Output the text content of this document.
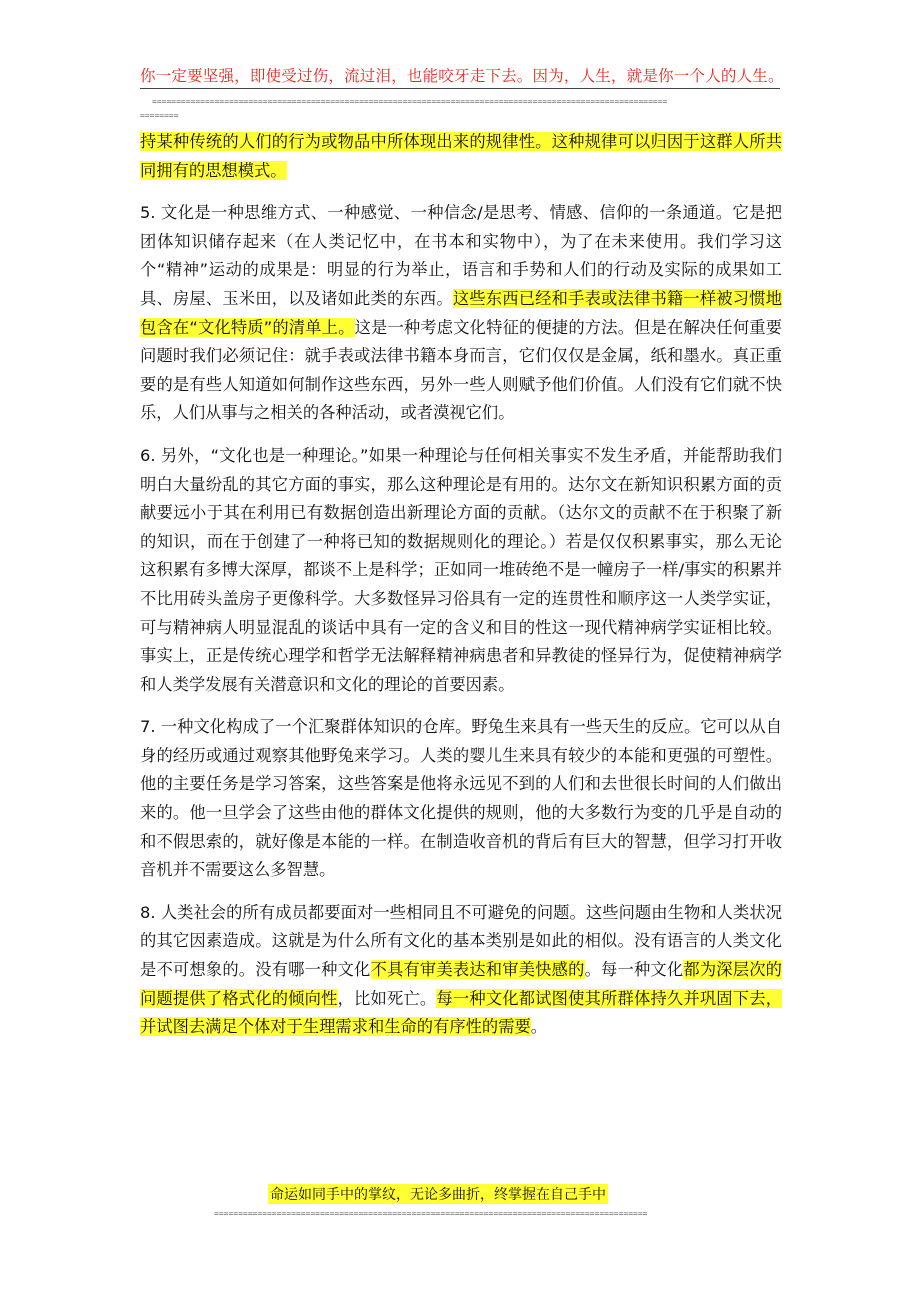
你一定要坚强，即使受过伤，流过泪，也能咬牙走下去。因为，人生，就是你一个人的人生。
===========================================================================================================
========

持某种传统的人们的行为或物品中所体现出来的规律性。这种规律可以归因于这群人所共同拥有的思想模式。

5. 文化是一种思维方式、一种感觉、一种信念/是思考、情感、信仰的一条通道。它是把团体知识储存起来（在人类记忆中，在书本和实物中），为了在未来使用。我们学习这个“精神”运动的成果是：明显的行为举止，语言和手势和人们的行动及实际的成果如工具、房屋、玉米田，以及诸如此类的东西。这些东西已经和手表或法律书籍一样被习惯地包含在“文化特质”的清单上。这是一种考虑文化特征的便捷的方法。但是在解决任何重要问题时我们必须记住：就手表或法律书籍本身而言，它们仅仅是金属，纸和墨水。真正重要的是有些人知道如何制作这些东西，另外一些人则赋予他们价值。人们没有它们就不快乐，人们从事与之相关的各种活动，或者漠视它们。

6. 另外，“文化也是一种理论。”如果一种理论与任何相关事实不发生矛盾，并能帮助我们明白大量纷乱的其它方面的事实，那么这种理论是有用的。达尔文在新知识积累方面的贡献要远小于其在利用已有数据创造出新理论方面的贡献。（达尔文的贡献不在于积聚了新的知识，而在于创建了一种将已知的数据规则化的理论。）若是仅仅积累事实，那么无论这积累有多博大深厚，都谈不上是科学；正如同一堆砖绝不是一幢房子一样/事实的积累并不比用砖头盖房子更像科学。大多数怪异习俗具有一定的连贯性和顺序这一人类学实证，可与精神病人明显混乱的谈话中具有一定的含义和目的性这一现代精神病学实证相比较。事实上，正是传统心理学和哲学无法解释精神病患者和异教徒的怪异行为，促使精神病学和人类学发展有关潜意识和文化的理论的首要因素。

7. 一种文化构成了一个汇聚群体知识的仓库。野兔生来具有一些天生的反应。它可以从自身的经历或通过观察其他野兔来学习。人类的婴儿生来具有较少的本能和更强的可塑性。 他的主要任务是学习答案，这些答案是他将永远见不到的人们和去世很长时间的人们做出来的。他一旦学会了这些由他的群体文化提供的规则，他的大多数行为变的几乎是自动的和不假思索的，就好像是本能的一样。在制造收音机的背后有巨大的智慧，但学习打开收音机并不需要这么多智慧。

8. 人类社会的所有成员都要面对一些相同且不可避免的问题。这些问题由生物和人类状况的其它因素造成。这就是为什么所有文化的基本类别是如此的相似。没有语言的人类文化是不可想象的。没有哪一种文化不具有审美表达和审美快感的。每一种文化都为深层次的问题提供了格式化的倾向性，比如死亡。每一种文化都试图使其所群体持久并巩固下去，并试图去满足个体对于生理需求和生命的有序性的需要。

命运如同手中的掌纹，无论多曲折，终掌握在自己手中
==========================================================================================
